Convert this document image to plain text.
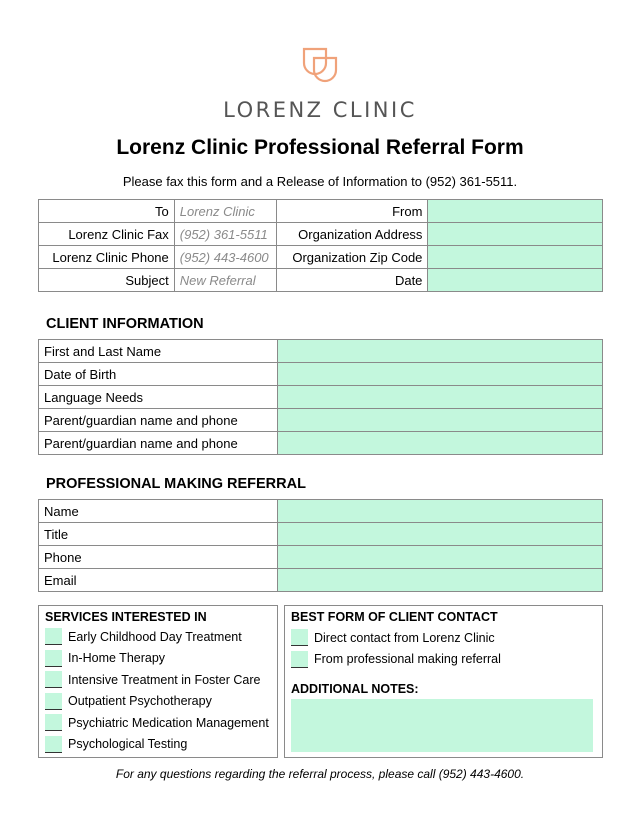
LORENZ CLINIC
Lorenz Clinic Professional Referral Form
Please fax this form and a Release of Information to (952) 361-5511.
To	Lorenz Clinic	From	
Lorenz Clinic Fax	(952) 361-5511	Organization Address	
Lorenz Clinic Phone	(952) 443-4600	Organization Zip Code	
Subject	New Referral	Date	
CLIENT INFORMATION
First and Last Name	
Date of Birth	
Language Needs	
Parent/guardian name and phone	
Parent/guardian name and phone	
PROFESSIONAL MAKING REFERRAL
Name	
Title	
Phone	
Email	
SERVICES INTERESTED IN
Early Childhood Day Treatment
In-Home Therapy
Intensive Treatment in Foster Care
Outpatient Psychotherapy
Psychiatric Medication Management
Psychological Testing
BEST FORM OF CLIENT CONTACT
Direct contact from Lorenz Clinic
From professional making referral
ADDITIONAL NOTES:
For any questions regarding the referral process, please call (952) 443-4600.
